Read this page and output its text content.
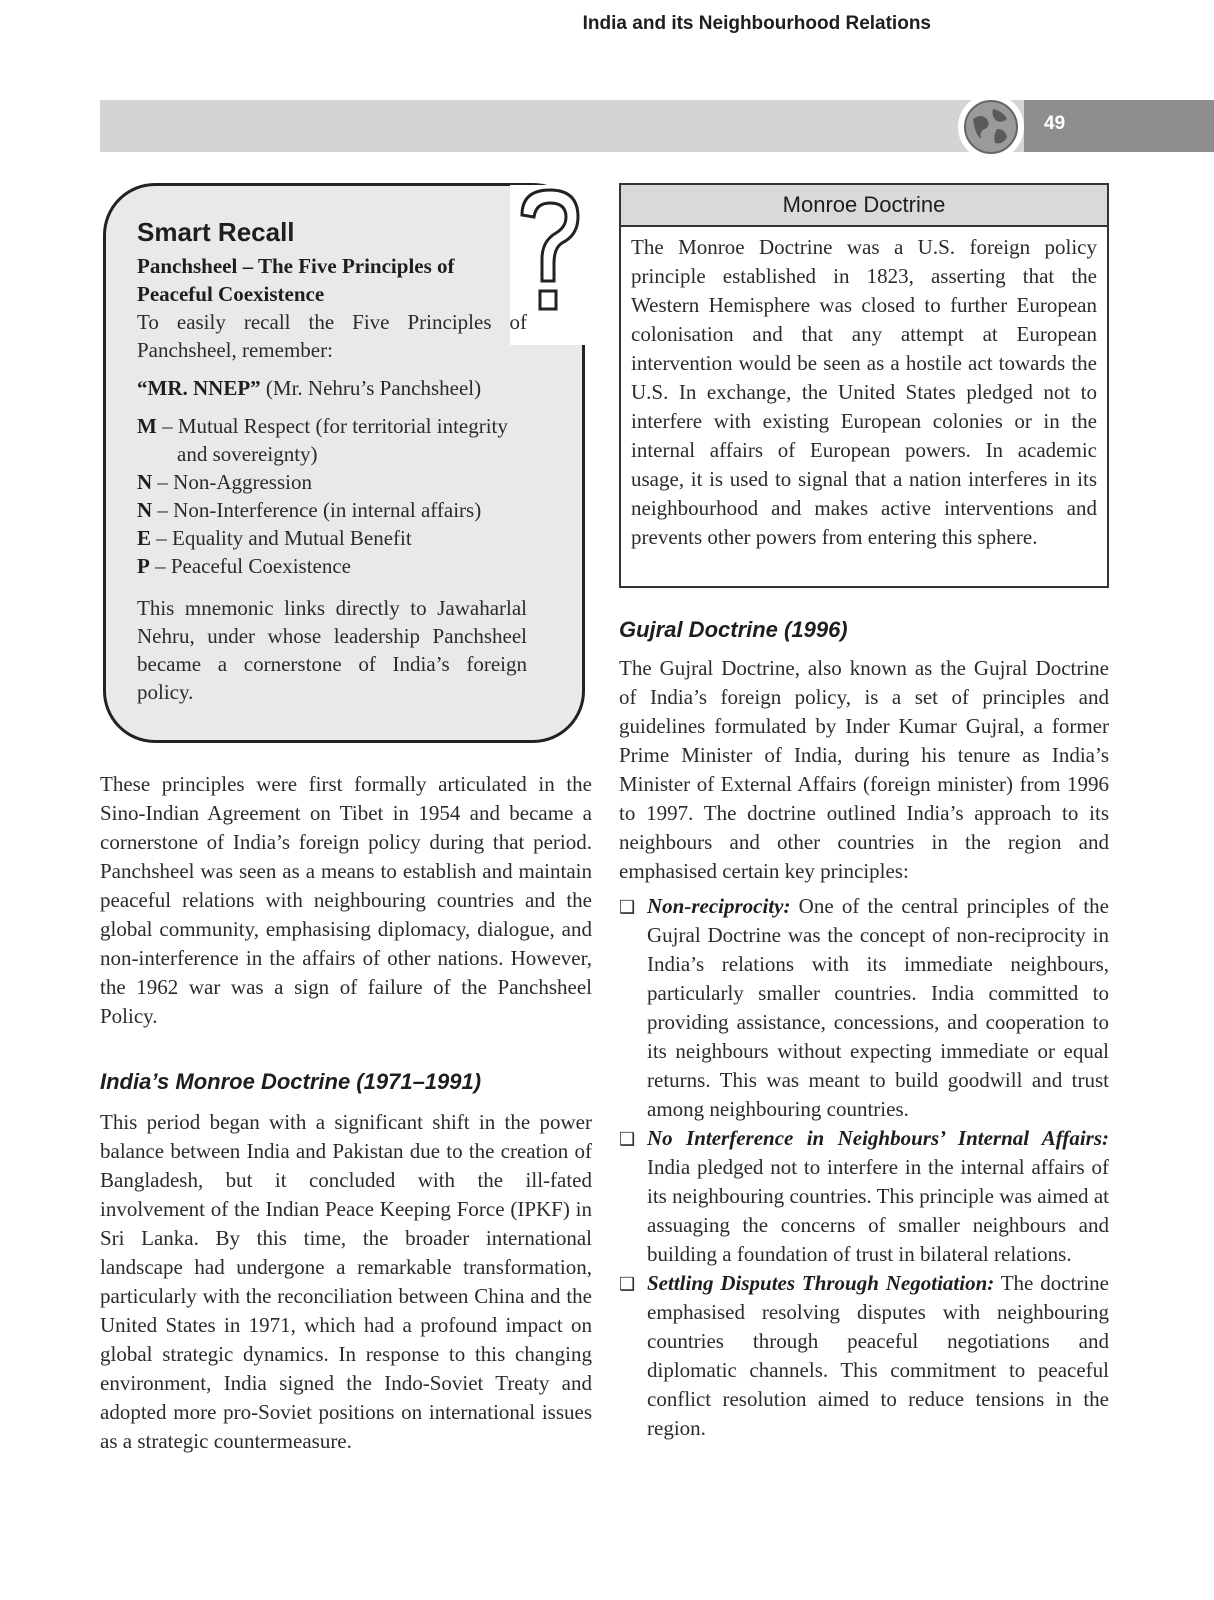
India and its Neighbourhood Relations
49
Smart Recall
Panchsheel – The Five Principles of Peaceful Coexistence
To easily recall the Five Principles of Panchsheel, remember:
“MR. NNEP” (Mr. Nehru’s Panchsheel)
M – Mutual Respect (for territorial integrity and sovereignty)
N – Non-Aggression
N – Non-Interference (in internal affairs)
E – Equality and Mutual Benefit
P – Peaceful Coexistence
This mnemonic links directly to Jawaharlal Nehru, under whose leadership Panchsheel became a cornerstone of India’s foreign policy.
These principles were first formally articulated in the Sino-Indian Agreement on Tibet in 1954 and became a cornerstone of India’s foreign policy during that period. Panchsheel was seen as a means to establish and maintain peaceful relations with neighbouring countries and the global community, emphasising diplomacy, dialogue, and non-interference in the affairs of other nations. However, the 1962 war was a sign of failure of the Panchsheel Policy.
India’s Monroe Doctrine (1971–1991)
This period began with a significant shift in the power balance between India and Pakistan due to the creation of Bangladesh, but it concluded with the ill-fated involvement of the Indian Peace Keeping Force (IPKF) in Sri Lanka. By this time, the broader international landscape had undergone a remarkable transformation, particularly with the reconciliation between China and the United States in 1971, which had a profound impact on global strategic dynamics. In response to this changing environment, India signed the Indo-Soviet Treaty and adopted more pro-Soviet positions on international issues as a strategic countermeasure.
Monroe Doctrine
The Monroe Doctrine was a U.S. foreign policy principle established in 1823, asserting that the Western Hemisphere was closed to further European colonisation and that any attempt at European intervention would be seen as a hostile act towards the U.S. In exchange, the United States pledged not to interfere with existing European colonies or in the internal affairs of European powers. In academic usage, it is used to signal that a nation interferes in its neighbourhood and makes active interventions and prevents other powers from entering this sphere.
Gujral Doctrine (1996)
The Gujral Doctrine, also known as the Gujral Doctrine of India’s foreign policy, is a set of principles and guidelines formulated by Inder Kumar Gujral, a former Prime Minister of India, during his tenure as India’s Minister of External Affairs (foreign minister) from 1996 to 1997. The doctrine outlined India’s approach to its neighbours and other countries in the region and emphasised certain key principles:
❑ Non-reciprocity: One of the central principles of the Gujral Doctrine was the concept of non-reciprocity in India’s relations with its immediate neighbours, particularly smaller countries. India committed to providing assistance, concessions, and cooperation to its neighbours without expecting immediate or equal returns. This was meant to build goodwill and trust among neighbouring countries.
❑ No Interference in Neighbours’ Internal Affairs: India pledged not to interfere in the internal affairs of its neighbouring countries. This principle was aimed at assuaging the concerns of smaller neighbours and building a foundation of trust in bilateral relations.
❑ Settling Disputes Through Negotiation: The doctrine emphasised resolving disputes with neighbouring countries through peaceful negotiations and diplomatic channels. This commitment to peaceful conflict resolution aimed to reduce tensions in the region.
